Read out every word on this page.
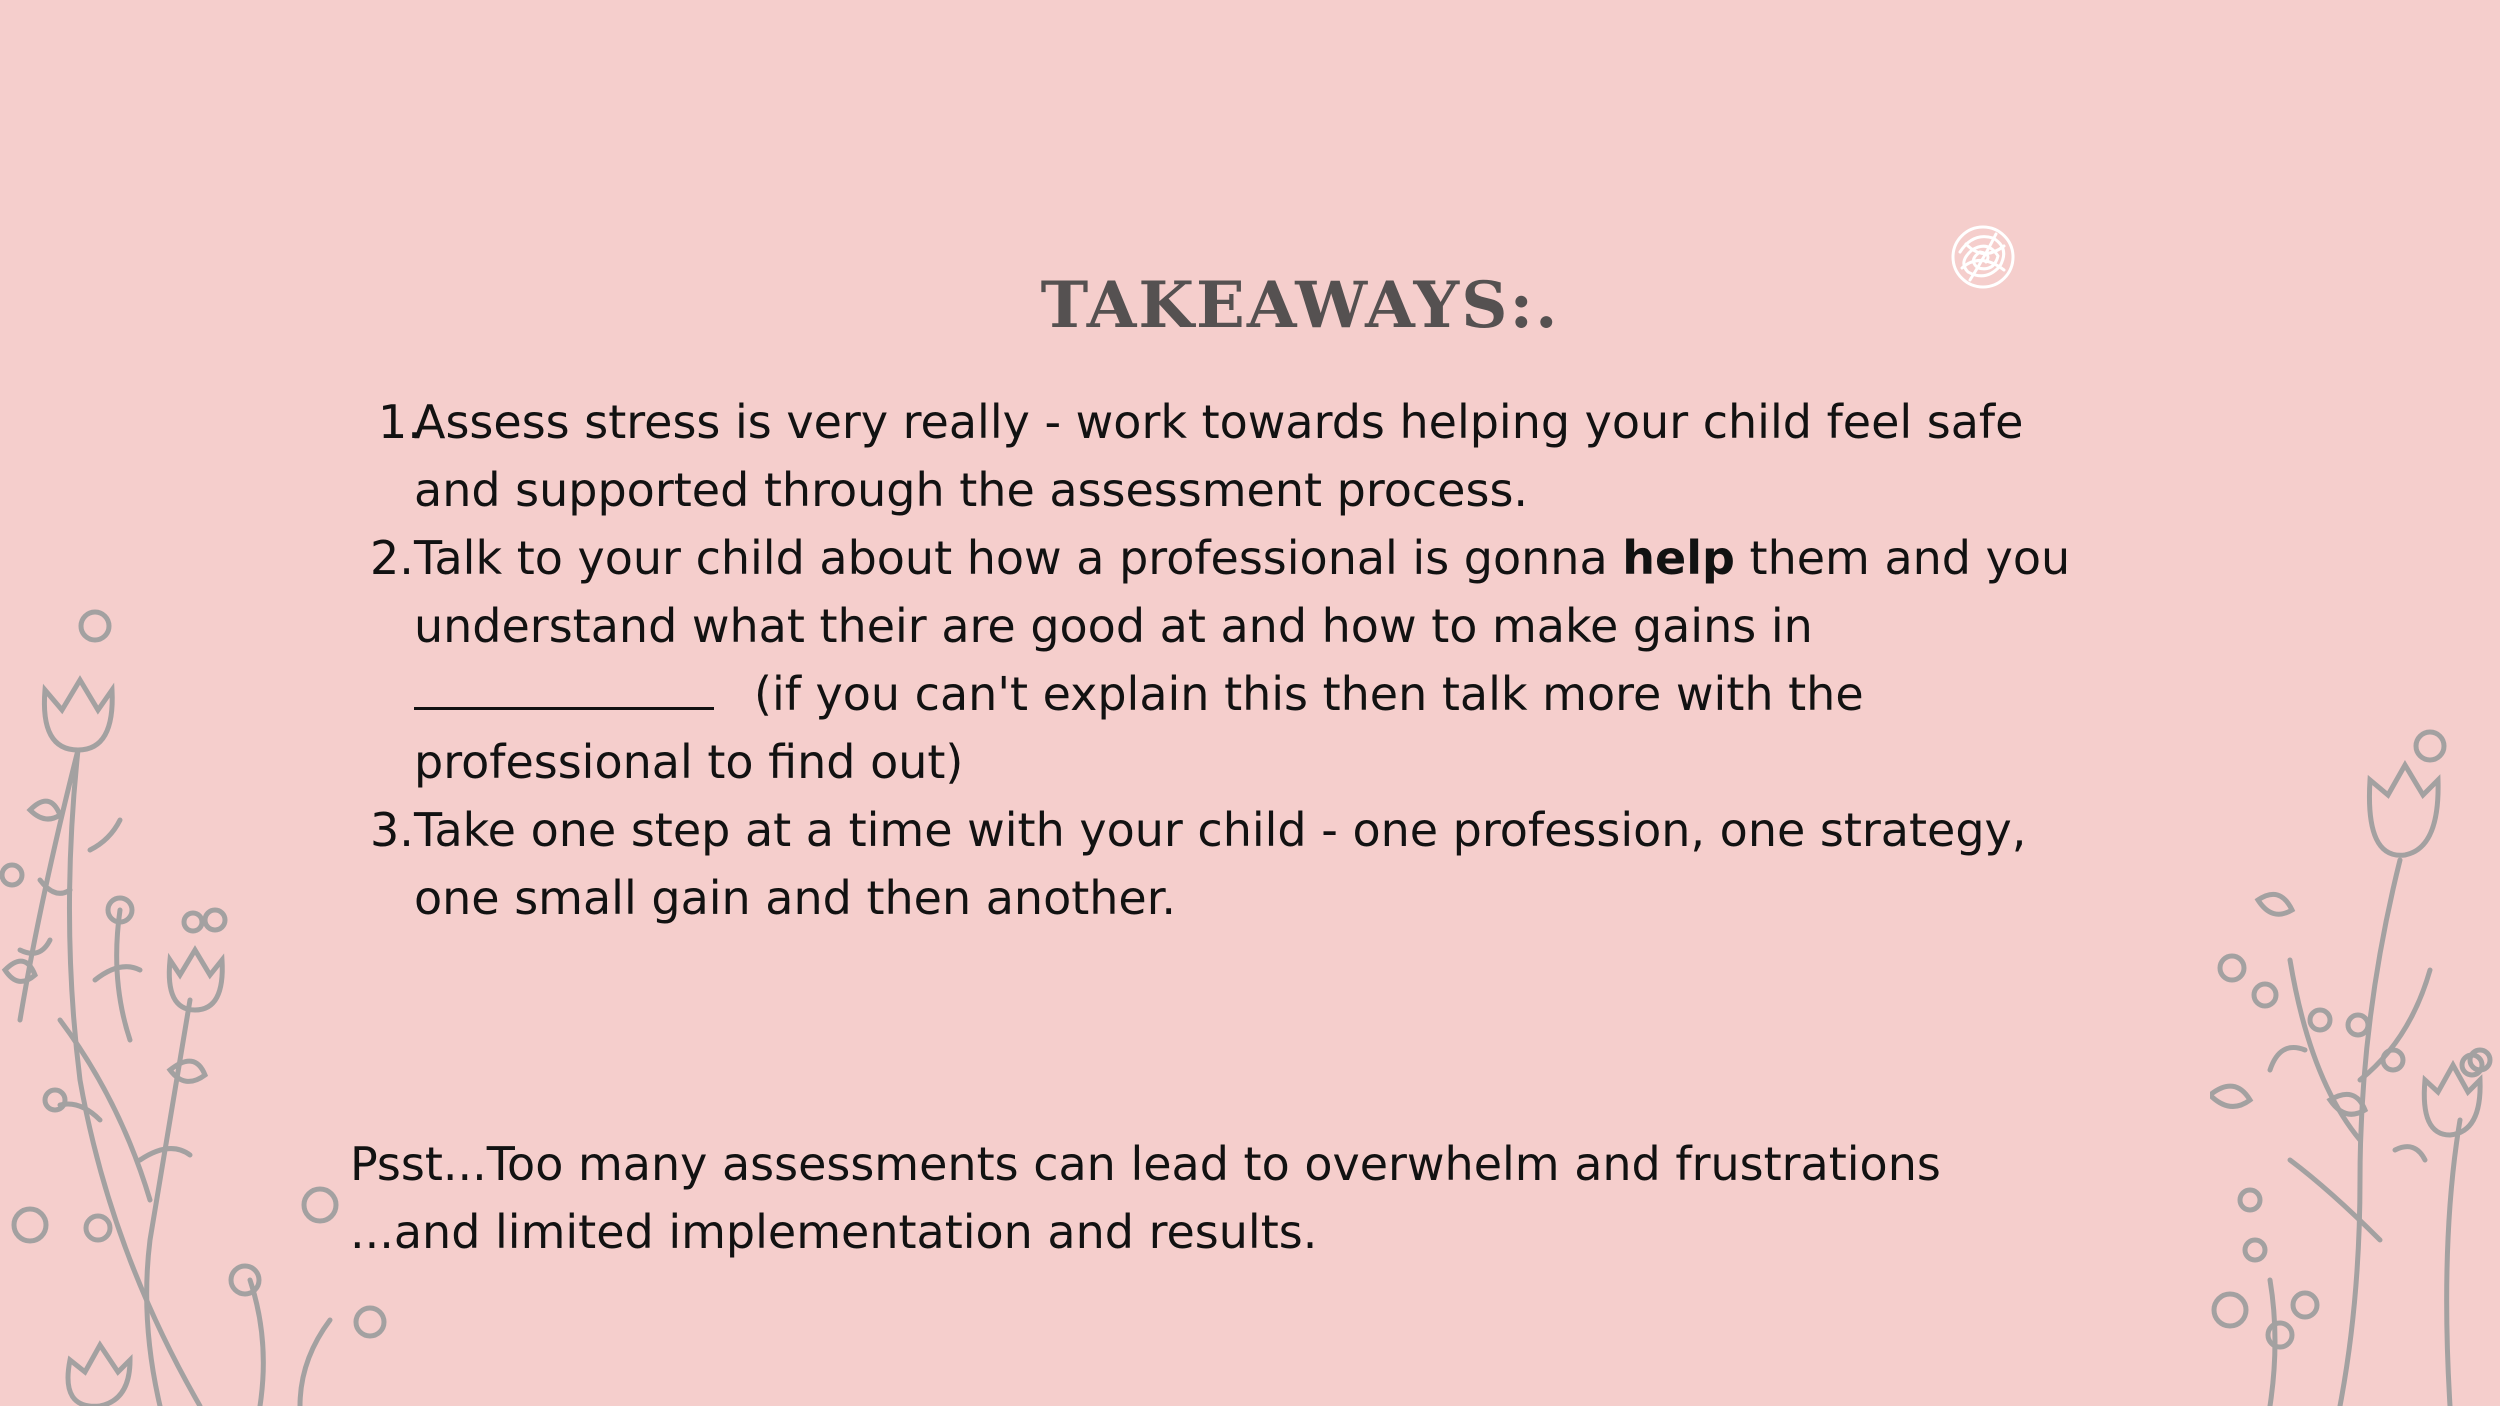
TAKEAWAYS:.
1.

Assess stress is very really - work towards helping your child feel safe and supported through the assessment process.

2. Talk to your child about how a professional is gonna help them and you understand what their are good at and how to make gains in
(if you can't explain this then talk more with the professional to find out)

3. Take one step at a time with your child - one profession, one strategy, one small gain and then another.

Psst...Too many assessments can lead to overwhelm and frustrations
...and limited implementation and results.
